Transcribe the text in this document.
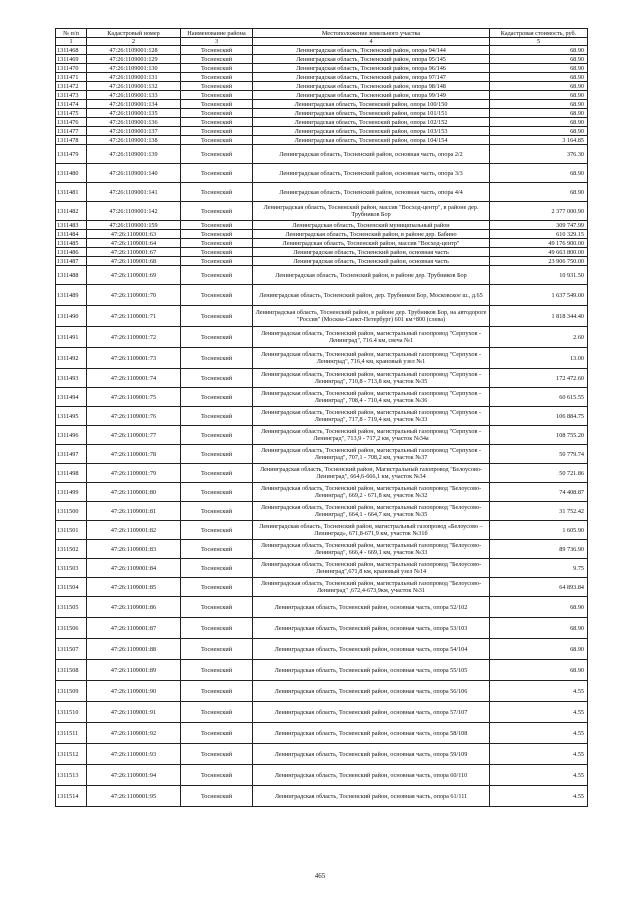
№ п/п	Кадастровый номер	Наименование района	Местоположение земельного участка	Кадастровая стоимость, руб.
1	2	3	4	5
1311468	47:26:1109001:128	Тосненский	Ленинградская область, Тосненский район, опора 94/144	68.90
1311469	47:26:1109001:129	Тосненский	Ленинградская область, Тосненский район, опора 95/145	68.90
1311470	47:26:1109001:130	Тосненский	Ленинградская область, Тосненский район, опора 96/146	68.90
1311471	47:26:1109001:131	Тосненский	Ленинградская область, Тосненский район, опора 97/147	68.90
1311472	47:26:1109001:132	Тосненский	Ленинградская область, Тосненский район, опора 98/148	68.90
1311473	47:26:1109001:133	Тосненский	Ленинградская область, Тосненский район, опора 99/149	68.90
1311474	47:26:1109001:134	Тосненский	Ленинградская область, Тосненский район, опора 100/150	68.90
1311475	47:26:1109001:135	Тосненский	Ленинградская область, Тосненский район, опора 101/151	68.90
1311476	47:26:1109001:136	Тосненский	Ленинградская область, Тосненский район, опора 102/152	68.90
1311477	47:26:1109001:137	Тосненский	Ленинградская область, Тосненский район, опора 103/153	68.90
1311478	47:26:1109001:138	Тосненский	Ленинградская область, Тосненский район, опора 104/154	3 164.85
1311479	47:26:1109001:139	Тосненский	Ленинградская область, Тосненский район, основная часть, опора 2/2	376.30
1311480	47:26:1109001:140	Тосненский	Ленинградская область, Тосненский район, основная часть, опора 3/3	68.90
1311481	47:26:1109001:141	Тосненский	Ленинградская область, Тосненский район, основная часть, опора 4/4	68.90
1311482	47:26:1109001:142	Тосненский	Ленинградская область, Тосненский район, массив "Восход-центр", в районе дер. Трубников Бор	2 377 000.90
1311483	47:26:1109001:159	Тосненский	Ленинградская область, Тосненский муниципальный район	309 747.99
1311484	47:26:1109001:63	Тосненский	Ленинградская область, Тосненский район, в районе дер. Бабино	610 329.15
1311485	47:26:1109001:64	Тосненский	Ленинградская область, Тосненский район, массив "Восход-центр"	49 176 900.00
1311486	47:26:1109001:67	Тосненский	Ленинградская область, Тосненский район, основная часть	49 663 800.00
1311487	47:26:1109001:68	Тосненский	Ленинградская область, Тосненский район, основная часть	23 906 750.00
1311488	47:26:1109001:69	Тосненский	Ленинградская область, Тосненский район, в районе дер. Трубников Бор	10 931.50
1311489	47:26:1109001:70	Тосненский	Ленинградская область, Тосненский район, дер. Трубников Бор, Московское ш., д.65	1 637 549.00
1311490	47:26:1109001:71	Тосненский	Ленинградская область, Тосненский район, в районе дер. Трубников Бор, на автодороге "Россия" (Москва-Санкт-Петербург) 601 км+800 (слева)	1 818 344.40
1311491	47:26:1109001:72	Тосненский	Ленинградская область, Тосненский район, магистральный газопровод "Серпухов - Ленинград", 716.4 км, свеча №1	2.60
1311492	47:26:1109001:73	Тосненский	Ленинградская область, Тосненский район, магистральный газопровод "Серпухов - Ленинград", 716,4 км, крановый узел №1	13.00
1311493	47:26:1109001:74	Тосненский	Ленинградская область, Тосненский район, магистральный газопровод "Серпухов - Ленинград", 710,8 - 713,8 км, участок №35	172 472.60
1311494	47:26:1109001:75	Тосненский	Ленинградская область, Тосненский район, магистральный газопровод "Серпухов - Ленинград", 708,4 - 710,4 км, участок №36	60 615.55
1311495	47:26:1109001:76	Тосненский	Ленинградская область, Тосненский район, магистральный газопровод "Серпухов - Ленинград", 717,8 - 719,4 км, участок №33	106 884.75
1311496	47:26:1109001:77	Тосненский	Ленинградская область, Тосненский район, магистральный газопровод "Серпухов - Ленинград", 713,9 - 717,2 км, участок №34а	108 755.20
1311497	47:26:1109001:78	Тосненский	Ленинградская область, Тосненский район, магистральный газопровод "Серпухов - Ленинград", 707,1 - 708,2 км, участок №37	50 779.74
1311498	47:26:1109001:79	Тосненский	Ленинградская область, Тосненский район, Магистральный газопровод "Белоусово-Ленинград", 664,6-666,1 км, участок №34	50 721.86
1311499	47:26:1109001:80	Тосненский	Ленинградская область, Тосненский район, магистральный газопровод "Белоусово-Ленинград", 669,2 - 671,8 км, участок №32	74 408.87
1311500	47:26:1109001:81	Тосненский	Ленинградская область, Тосненский район, магистральный газопровод "Белоусово-Ленинград", 664,1 - 664,7 км, участок №35	31 752.42
1311501	47:26:1109001:82	Тосненский	Ленинградская область, Тосненский район, магистральный газопровод «Белоусово – Ленинград», 671,8-671,9 км, участок №31б	1 605.90
1311502	47:26:1109001:83	Тосненский	Ленинградская область, Тосненский район, магистральный газопровод "Белоусово-Ленинград", 666,4 - 669,1 км, участок №33	89 736.90
1311503	47:26:1109001:84	Тосненский	Ленинградская область, Тосненский район, магистральный газопровод "Белоусово-Ленинград",671,8 км, крановый узел №14	9.75
1311504	47:26:1109001:85	Тосненский	Ленинградская область, Тосненский район, магистральный газопровод "Белоусово-Ленинград" ,672,4-673,9км, участок №31	64 893.84
1311505	47:26:1109001:86	Тосненский	Ленинградская область, Тосненский район, основная часть, опора 52/102	68.90
1311506	47:26:1109001:87	Тосненский	Ленинградская область, Тосненский район, основная часть, опора 53/103	68.90
1311507	47:26:1109001:88	Тосненский	Ленинградская область, Тосненский район, основная часть, опора 54/104	68.90
1311508	47:26:1109001:89	Тосненский	Ленинградская область, Тосненский район, основная часть, опора 55/105	68.90
1311509	47:26:1109001:90	Тосненский	Ленинградская область, Тосненский район, основная часть, опора 56/106	4.55
1311510	47:26:1109001:91	Тосненский	Ленинградская область, Тосненский район, основная часть, опора 57/107	4.55
1311511	47:26:1109001:92	Тосненский	Ленинградская область, Тосненский район, основная часть, опора 58/108	4.55
1311512	47:26:1109001:93	Тосненский	Ленинградская область, Тосненский район, основная часть, опора 59/109	4.55
1311513	47:26:1109001:94	Тосненский	Ленинградская область, Тосненский район, основная часть, опора 60/110	4.55
1311514	47:26:1109001:95	Тосненский	Ленинградская область, Тосненский район, основная часть, опора 61/111	4.55
465
